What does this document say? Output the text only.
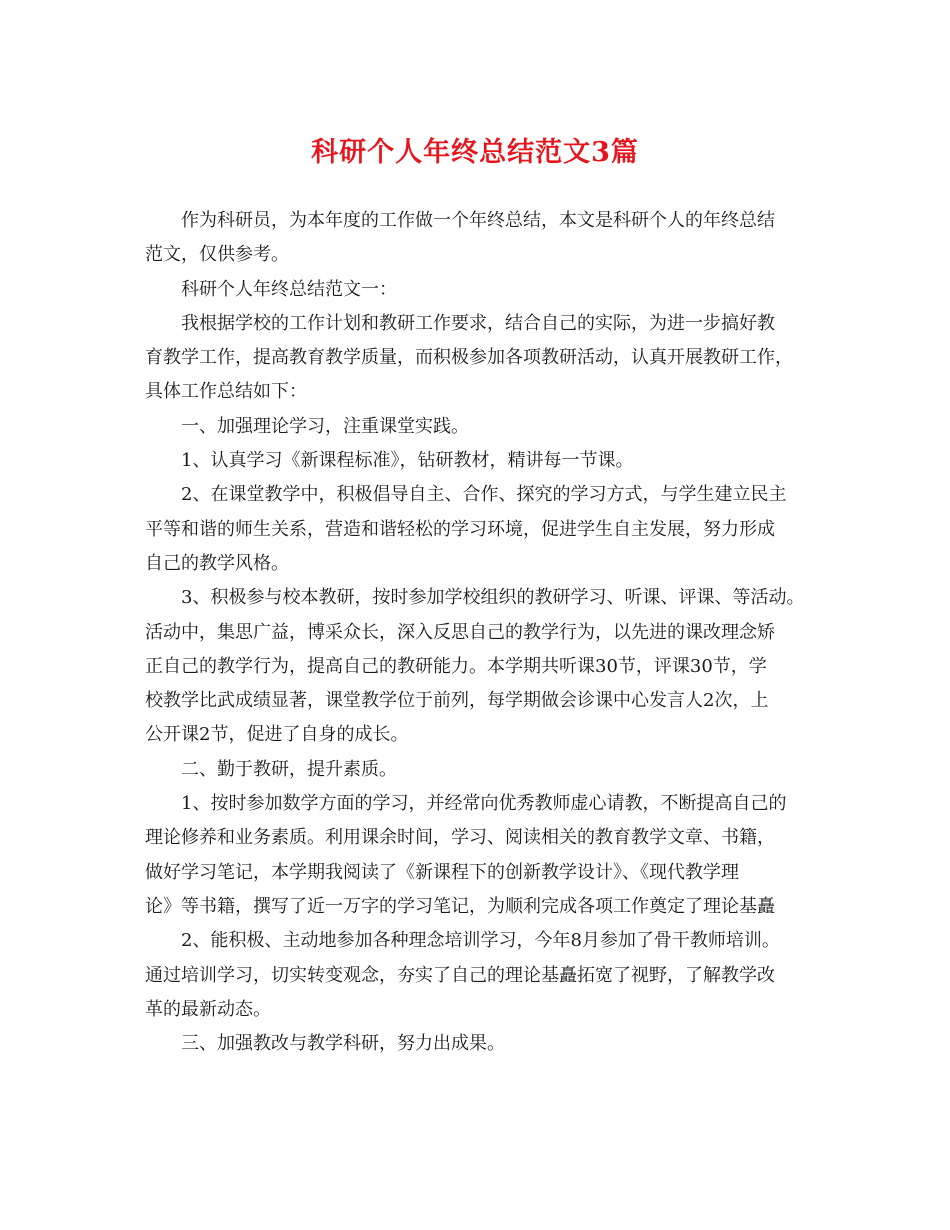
科研个人年终总结范文3篇
作为科研员，为本年度的工作做一个年终总结，本文是科研个人的年终总结
范文，仅供参考。
科研个人年终总结范文一：
我根据学校的工作计划和教研工作要求，结合自己的实际，为进一步搞好教
育教学工作，提高教育教学质量，而积极参加各项教研活动，认真开展教研工作，
具体工作总结如下：
一、加强理论学习，注重课堂实践。
1、认真学习《新课程标准》，钻研教材，精讲每一节课。
2、在课堂教学中，积极倡导自主、合作、探究的学习方式，与学生建立民主
平等和谐的师生关系，营造和谐轻松的学习环境，促进学生自主发展，努力形成
自己的教学风格。
3、积极参与校本教研，按时参加学校组织的教研学习、听课、评课、等活动。
活动中，集思广益，博采众长，深入反思自己的教学行为，以先进的课改理念矫
正自己的教学行为，提高自己的教研能力。本学期共听课30节，评课30节，学
校教学比武成绩显著，课堂教学位于前列，每学期做会诊课中心发言人2次，上
公开课2节，促进了自身的成长。
二、勤于教研，提升素质。
1、按时参加数学方面的学习，并经常向优秀教师虚心请教，不断提高自己的
理论修养和业务素质。利用课余时间，学习、阅读相关的教育教学文章、书籍，
做好学习笔记，本学期我阅读了《新课程下的创新教学设计》、《现代教学理
论》等书籍，撰写了近一万字的学习笔记，为顺利完成各项工作奠定了理论基矗
2、能积极、主动地参加各种理念培训学习，今年8月参加了骨干教师培训。
通过培训学习，切实转变观念，夯实了自己的理论基矗拓宽了视野，了解教学改
革的最新动态。
三、加强教改与教学科研，努力出成果。
